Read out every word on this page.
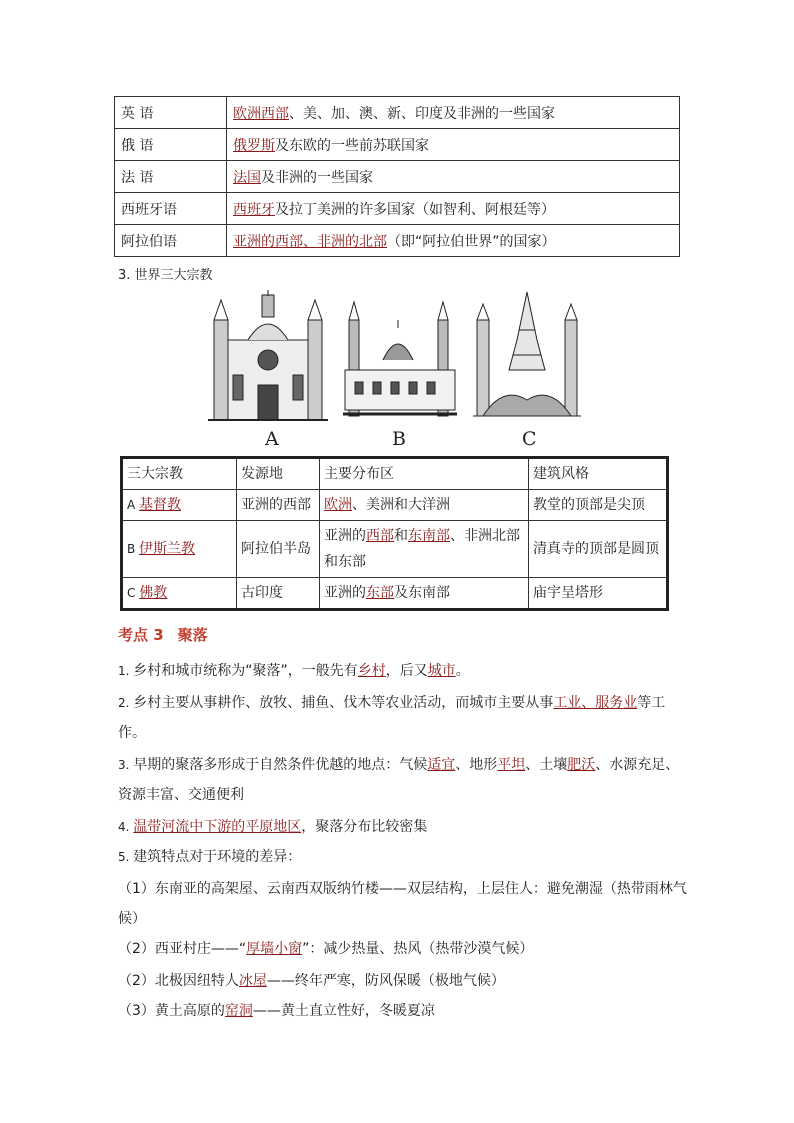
英 语	欧洲西部、美、加、澳、新、印度及非洲的一些国家
俄 语	俄罗斯及东欧的一些前苏联国家
法 语	法国及非洲的一些国家
西班牙语	西班牙及拉丁美洲的许多国家（如智利、阿根廷等）
阿拉伯语	亚洲的西部、非洲的北部（即“阿拉伯世界”的国家）
3. 世界三大宗教
A	B	C
三大宗教	发源地	主要分布区	建筑风格
A 基督教	亚洲的西部	欧洲、美洲和大洋洲	教堂的顶部是尖顶
B 伊斯兰教	阿拉伯半岛	亚洲的西部和东南部、非洲北部和东部	清真寺的顶部是圆顶
C 佛教	古印度	亚洲的东部及东南部	庙宇呈塔形
考点 3 聚落
1. 乡村和城市统称为“聚落”，一般先有乡村，后又城市。
2. 乡村主要从事耕作、放牧、捕鱼、伐木等农业活动，而城市主要从事工业、服务业等工作。
3. 早期的聚落多形成于自然条件优越的地点：气候适宜、地形平坦、土壤肥沃、水源充足、资源丰富、交通便利
4. 温带河流中下游的平原地区，聚落分布比较密集
5. 建筑特点对于环境的差异：
（1）东南亚的高架屋、云南西双版纳竹楼——双层结构，上层住人：避免潮湿（热带雨林气候）
（2）西亚村庄——“厚墙小窗”：减少热量、热风（热带沙漠气候）
（2）北极因纽特人冰屋——终年严寒，防风保暖（极地气候）
（3）黄土高原的窑洞——黄土直立性好，冬暖夏凉
